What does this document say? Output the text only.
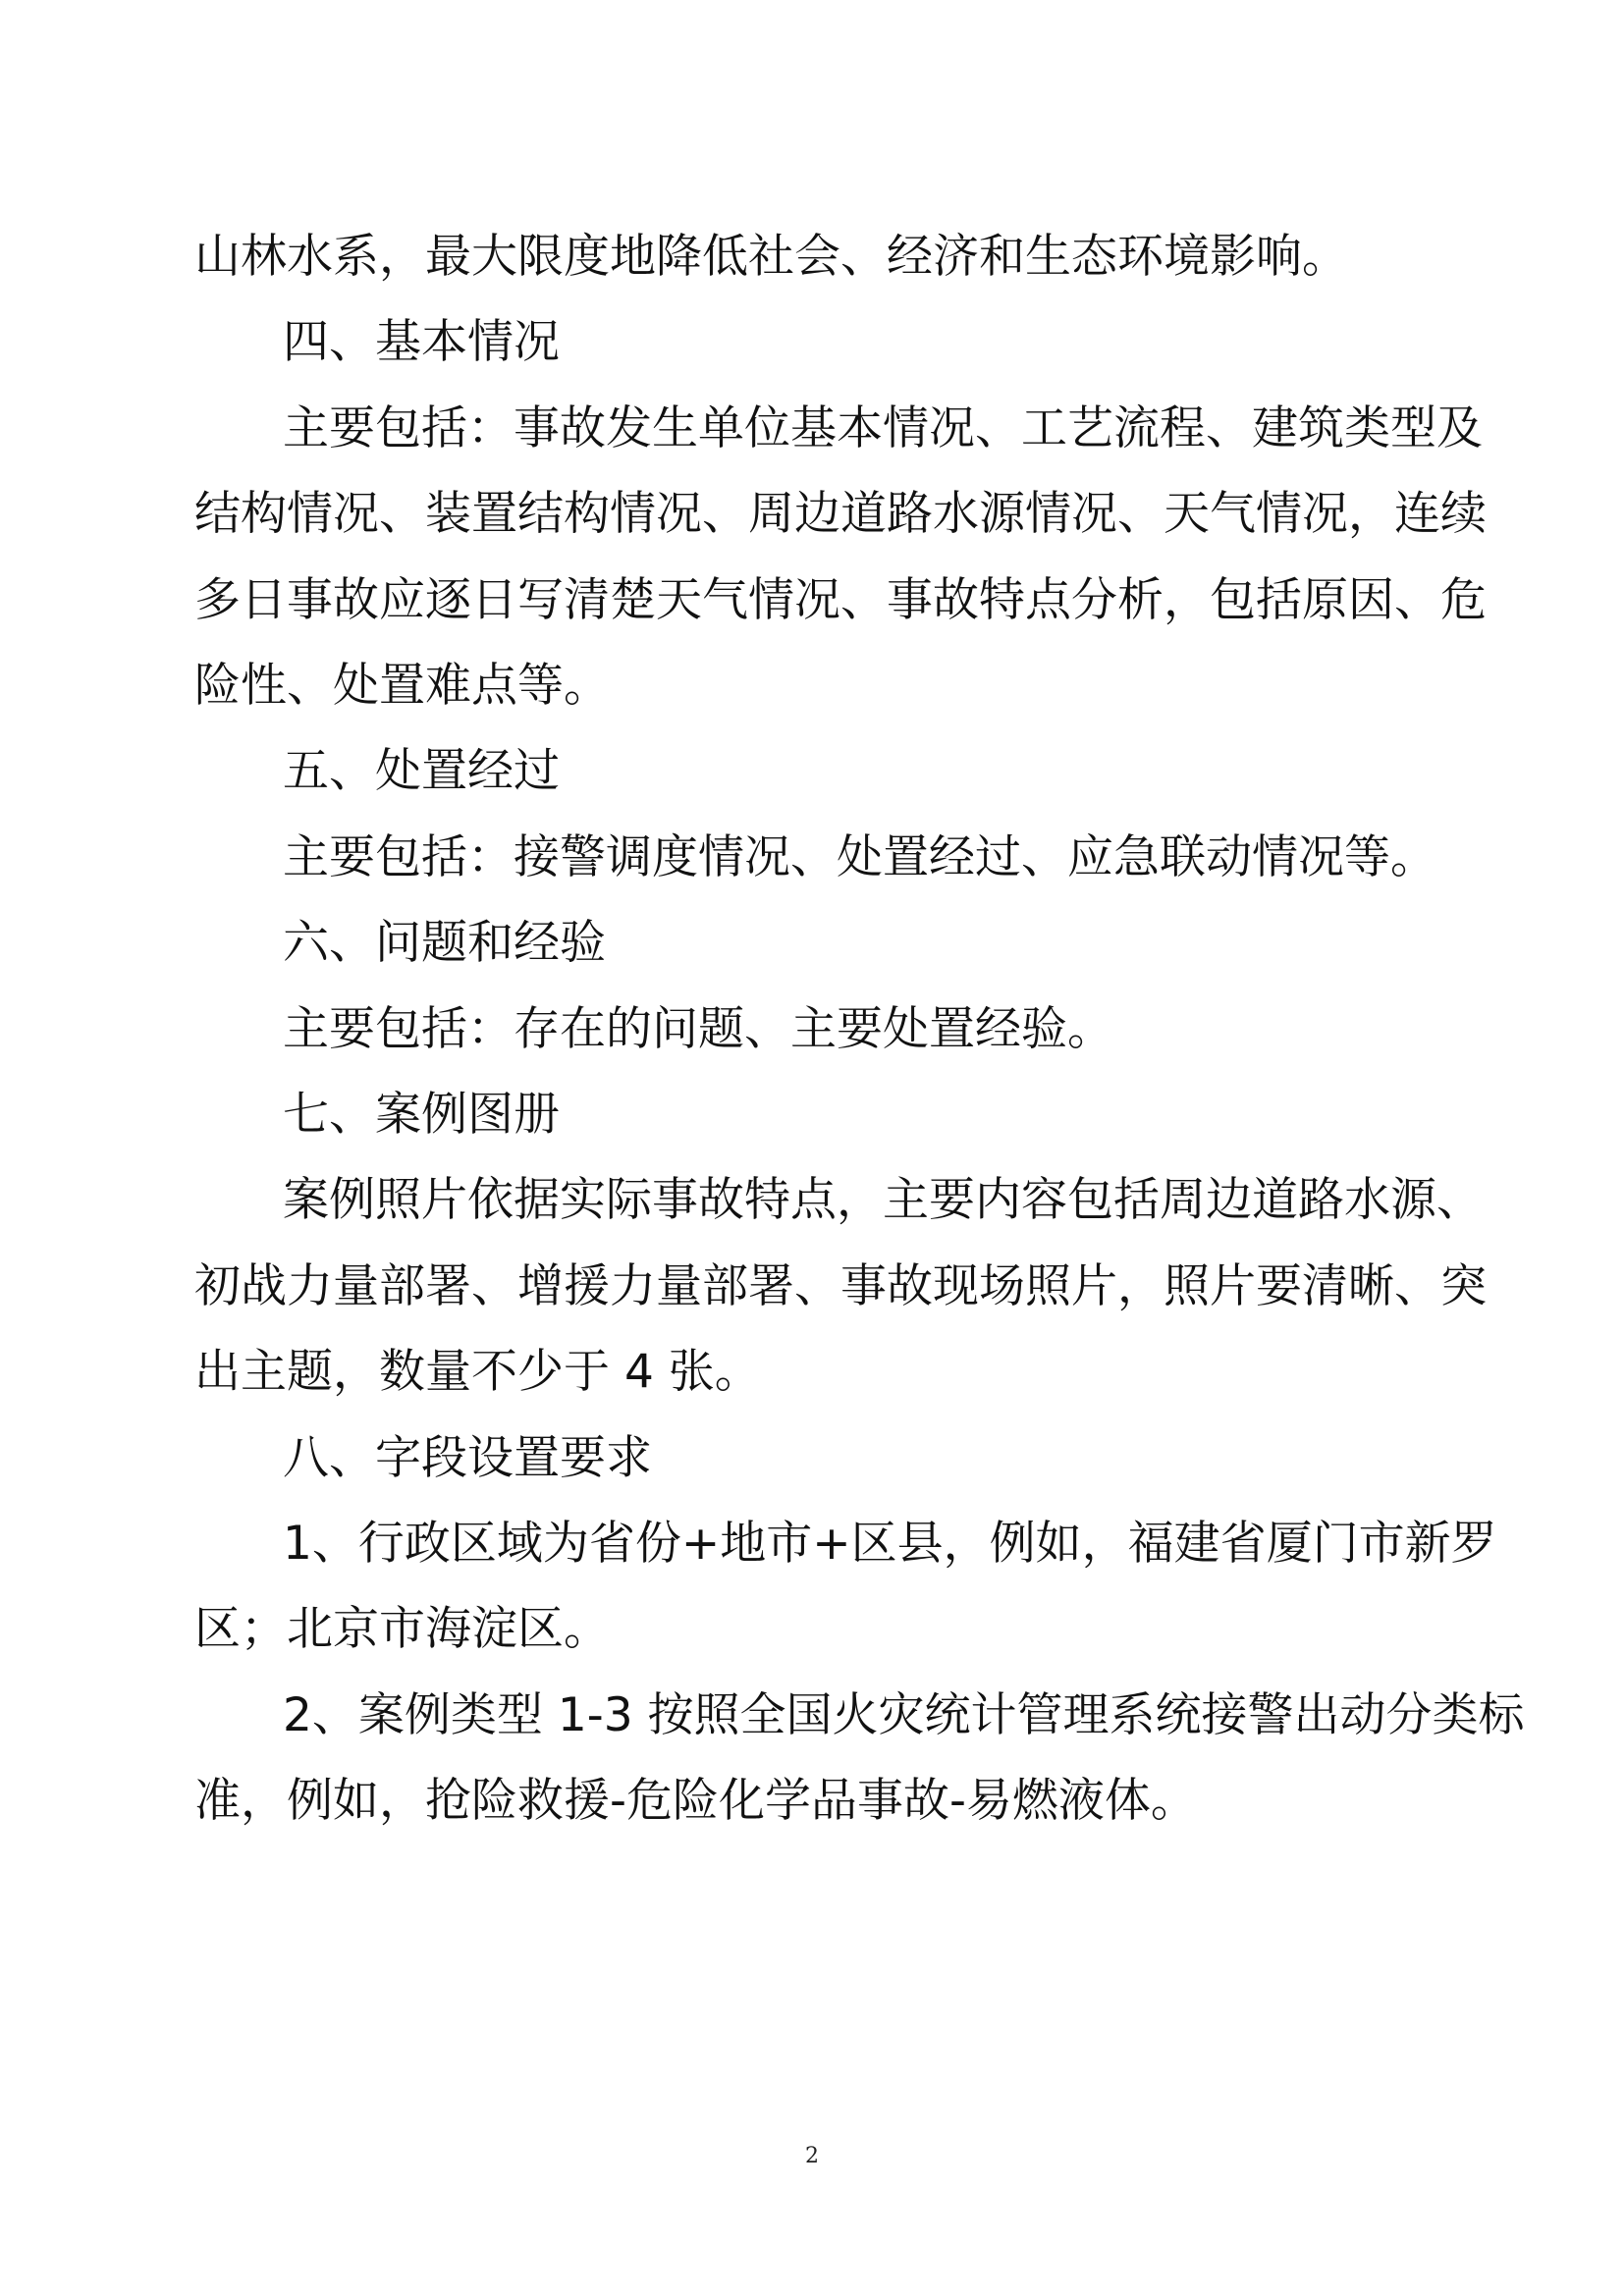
山林水系，最大限度地降低社会、经济和生态环境影响。
四、基本情况
主要包括：事故发生单位基本情况、工艺流程、建筑类型及
结构情况、装置结构情况、周边道路水源情况、天气情况，连续
多日事故应逐日写清楚天气情况、事故特点分析，包括原因、危
险性、处置难点等。
五、处置经过
主要包括：接警调度情况、处置经过、应急联动情况等。
六、问题和经验
主要包括：存在的问题、主要处置经验。
七、案例图册
案例照片依据实际事故特点，主要内容包括周边道路水源、
初战力量部署、增援力量部署、事故现场照片，照片要清晰、突
出主题，数量不少于 4 张。
八、字段设置要求
1、行政区域为省份+地市+区县，例如，福建省厦门市新罗
区；北京市海淀区。
2、案例类型 1-3 按照全国火灾统计管理系统接警出动分类标
准，例如，抢险救援-危险化学品事故-易燃液体。
2
